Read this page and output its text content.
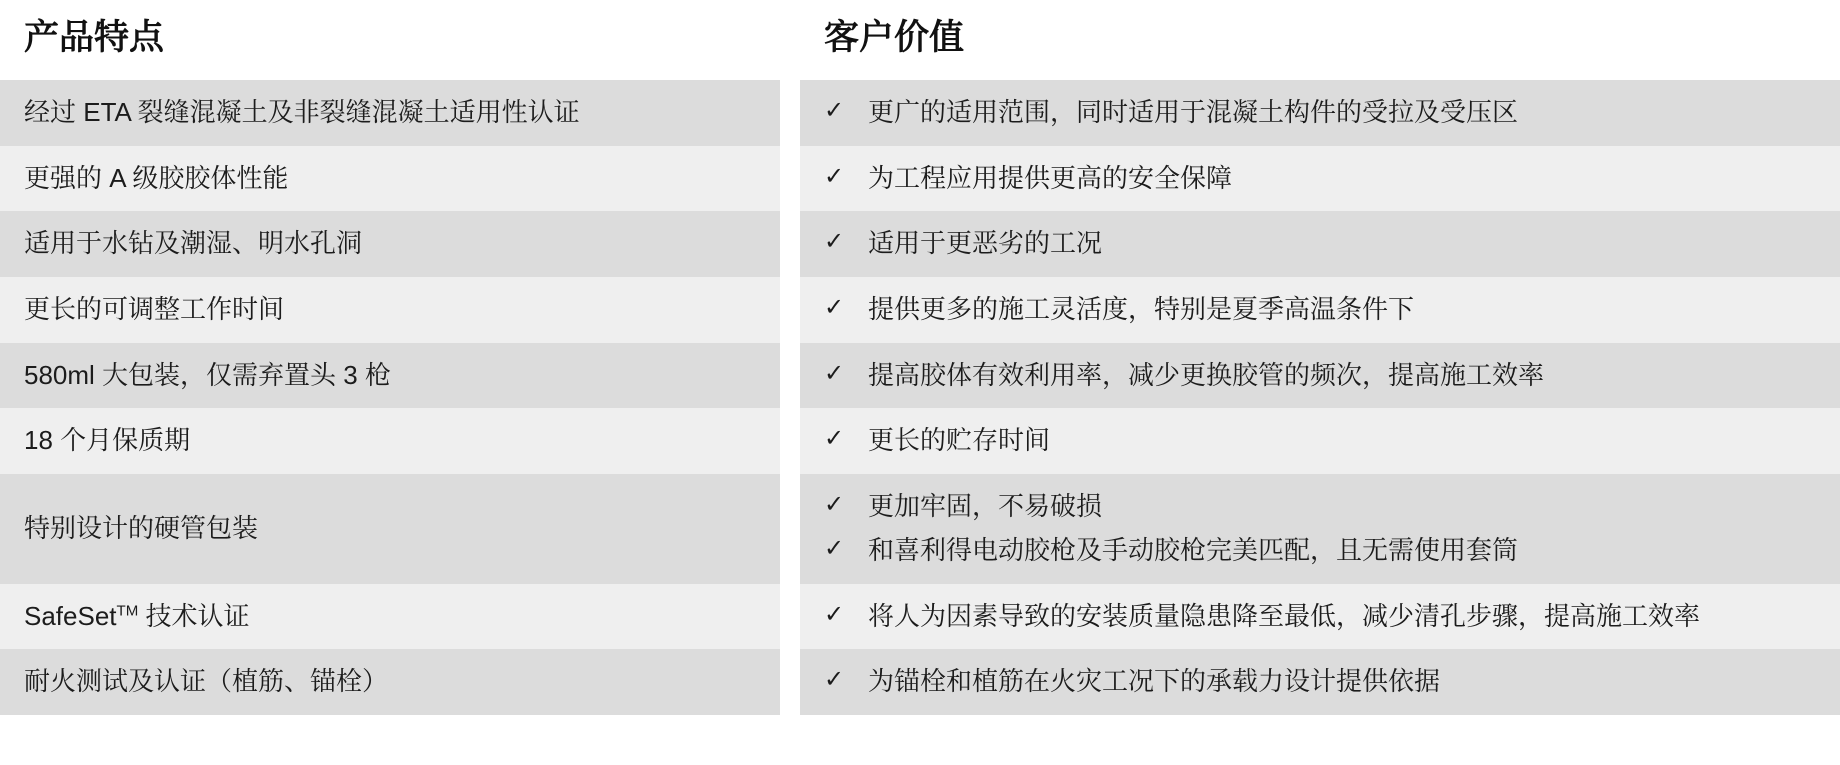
产品特点		客户价值

经过 ETA 裂缝混凝土及非裂缝混凝土适用性认证		✓ 更广的适用范围，同时适用于混凝土构件的受拉及受压区

更强的 A 级胶胶体性能		✓ 为工程应用提供更高的安全保障

适用于水钻及潮湿、明水孔洞		✓ 适用于更恶劣的工况

更长的可调整工作时间		✓ 提供更多的施工灵活度，特别是夏季高温条件下

580ml 大包装，仅需弃置头 3 枪		✓ 提高胶体有效利用率，减少更换胶管的频次，提高施工效率

18 个月保质期		✓ 更长的贮存时间

特别设计的硬管包装		✓ 更加牢固，不易破损
✓ 和喜利得电动胶枪及手动胶枪完美匹配，且无需使用套筒

SafeSet™ 技术认证		✓ 将人为因素导致的安装质量隐患降至最低，减少清孔步骤，提高施工效率

耐火测试及认证（植筋、锚栓）		✓ 为锚栓和植筋在火灾工况下的承载力设计提供依据
